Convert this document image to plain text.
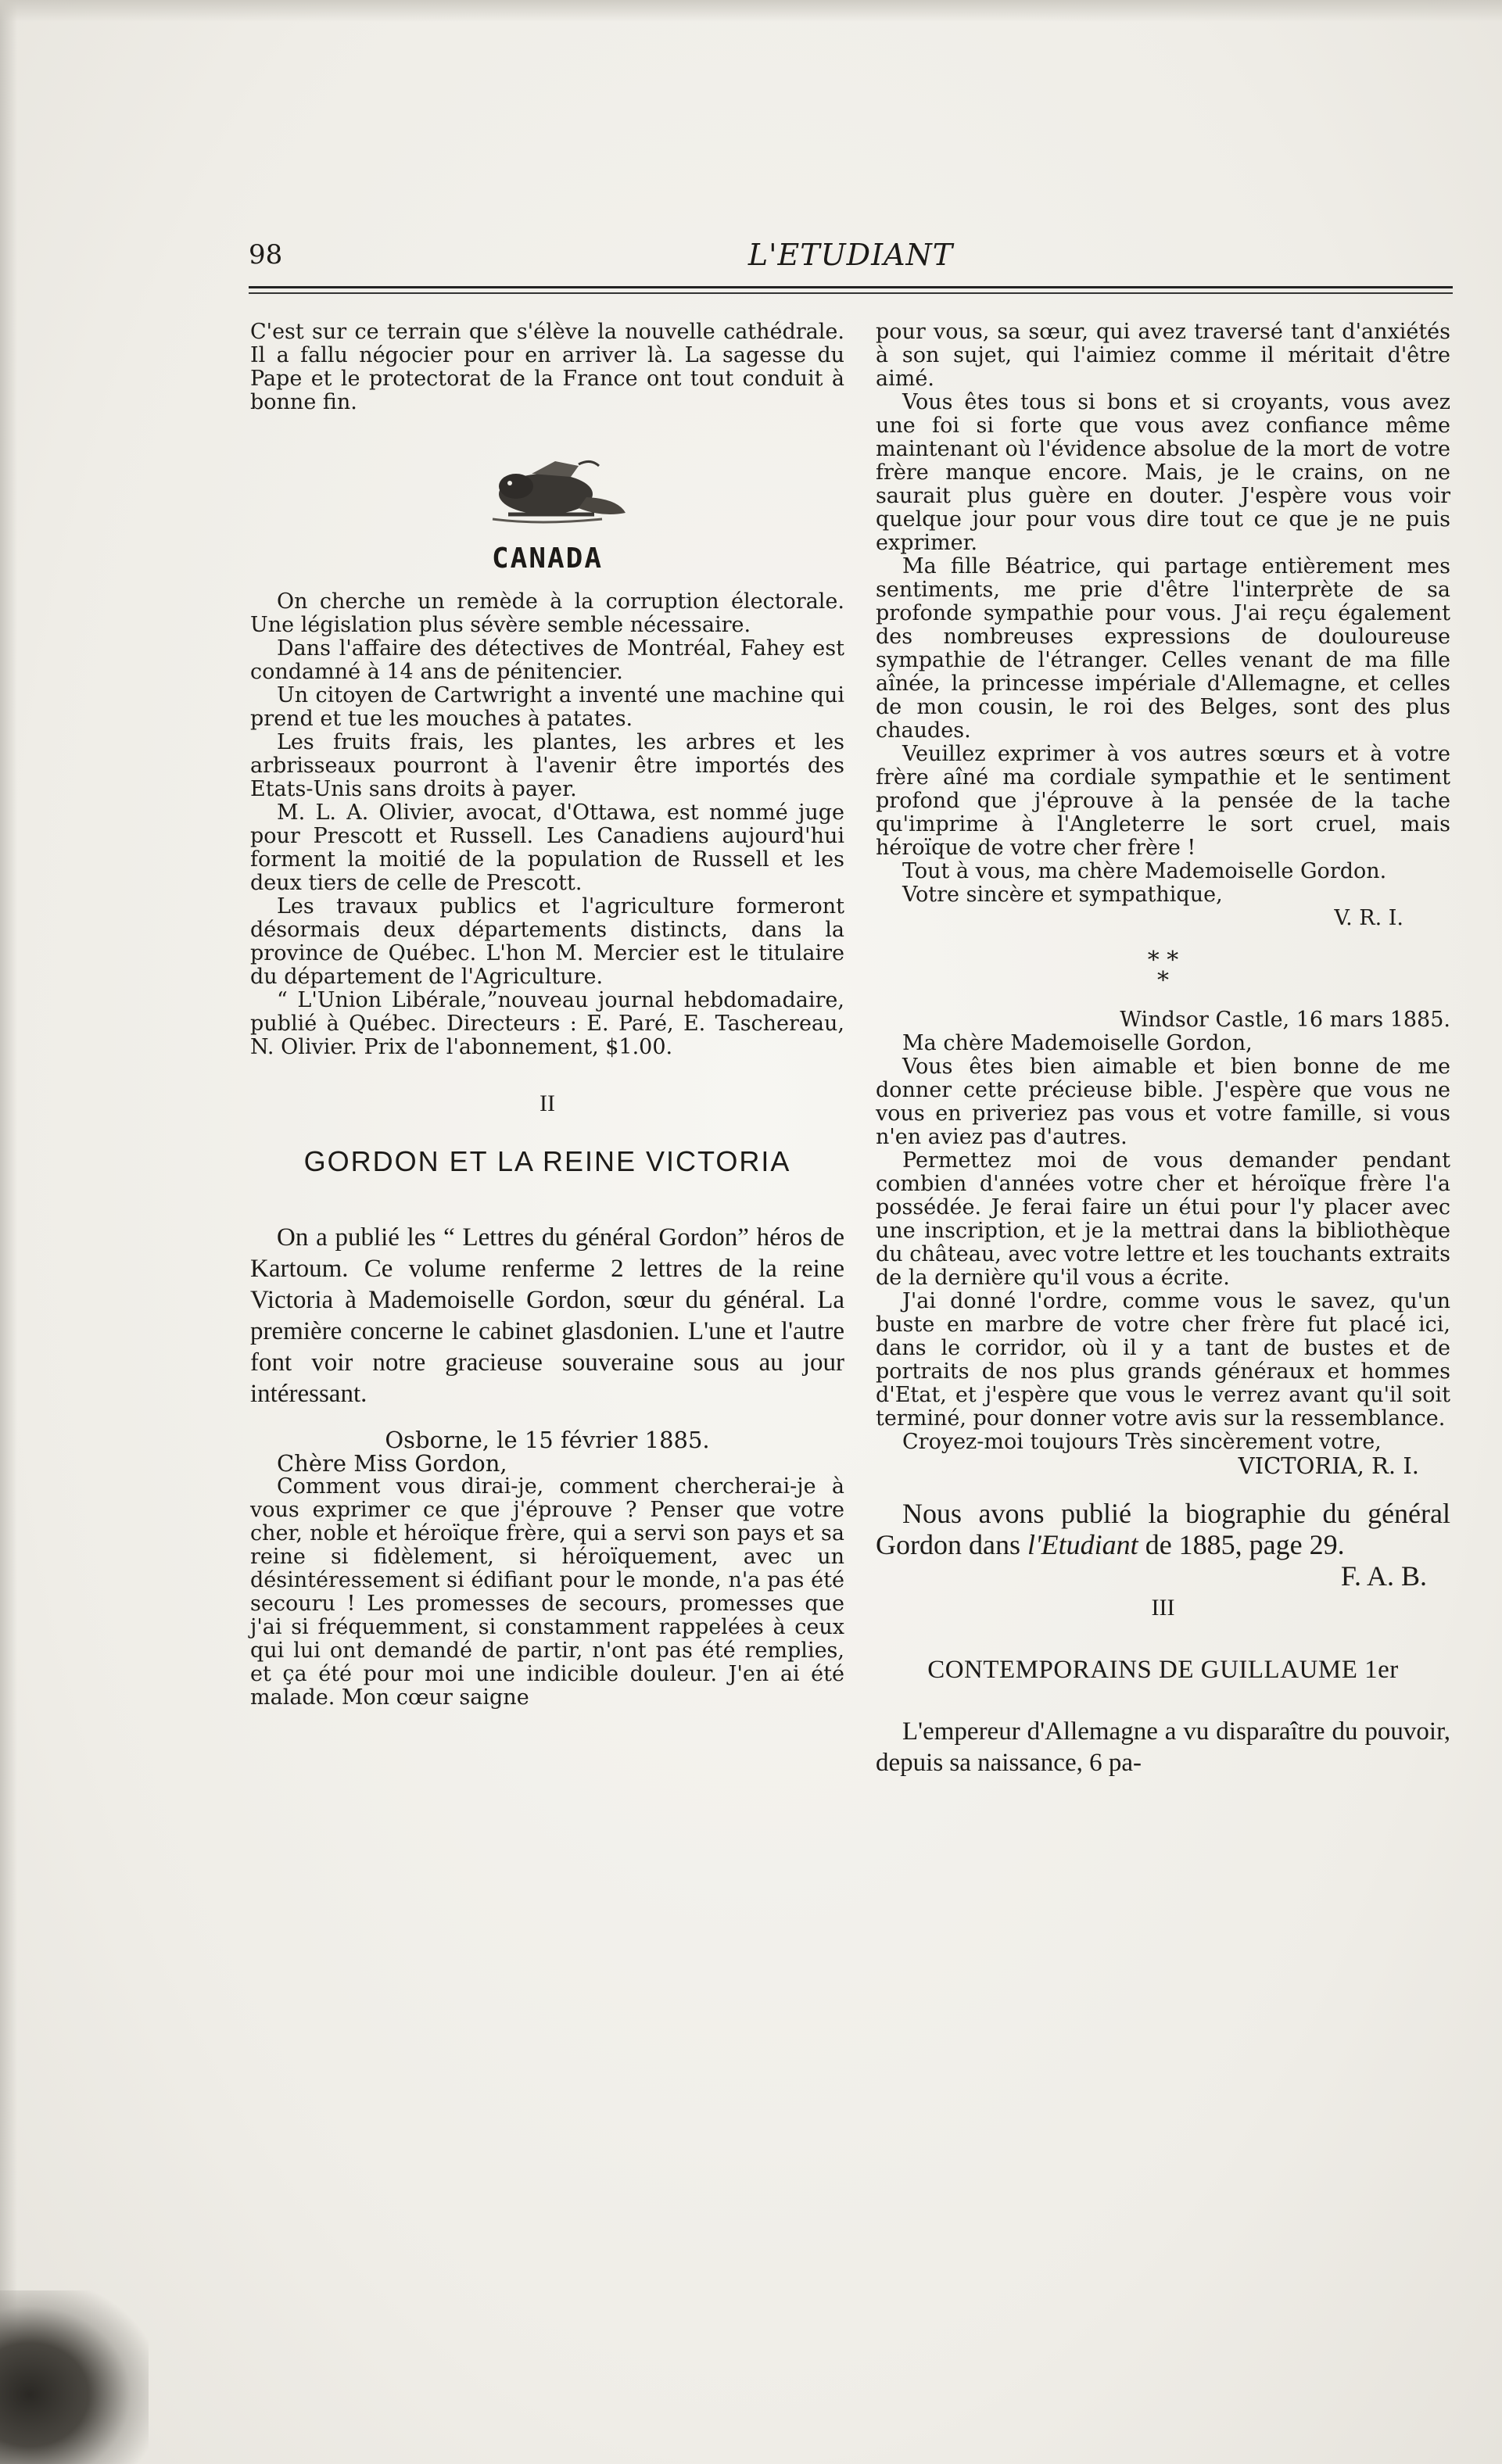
98	L'ETUDIANT

C'est sur ce terrain que s'élève la nouvelle cathédrale. Il a fallu négocier pour en arriver là. La sagesse du Pape et le protectorat de la France ont tout conduit à bonne fin.

CANADA

On cherche un remède à la corruption électorale. Une législation plus sévère semble nécessaire.

Dans l'affaire des détectives de Montréal, Fahey est condamné à 14 ans de pénitencier.

Un citoyen de Cartwright a inventé une machine qui prend et tue les mouches à patates.

Les fruits frais, les plantes, les arbres et les arbrisseaux pourront à l'avenir être importés des Etats-Unis sans droits à payer.

M. L. A. Olivier, avocat, d'Ottawa, est nommé juge pour Prescott et Russell. Les Canadiens aujourd'hui forment la moitié de la population de Russell et les deux tiers de celle de Prescott.

Les travaux publics et l'agriculture formeront désormais deux départements distincts, dans la province de Québec. L'hon M. Mercier est le titulaire du département de l'Agriculture.

“ L'Union Libérale,”nouveau journal hebdomadaire, publié à Québec. Directeurs : E. Paré, E. Taschereau, N. Olivier. Prix de l'abonnement, $1.00.

II
GORDON ET LA REINE VICTORIA

On a publié les “ Lettres du général Gordon” héros de Kartoum. Ce volume renferme 2 lettres de la reine Victoria à Mademoiselle Gordon, sœur du général. La première concerne le cabinet glasdonien. L'une et l'autre font voir notre gracieuse souveraine sous au jour intéressant.

Osborne, le 15 février 1885.

Chère Miss Gordon,

Comment vous dirai-je, comment chercherai-je à vous exprimer ce que j'éprouve ? Penser que votre cher, noble et héroïque frère, qui a servi son pays et sa reine si fidèlement, si héroïquement, avec un désintéressement si édifiant pour le monde, n'a pas été secouru ! Les promesses de secours, promesses que j'ai si fréquemment, si constamment rappelées à ceux qui lui ont demandé de partir, n'ont pas été remplies, et ça été pour moi une indicible douleur. J'en ai été malade. Mon cœur saigne

pour vous, sa sœur, qui avez traversé tant d'anxiétés à son sujet, qui l'aimiez comme il méritait d'être aimé.

Vous êtes tous si bons et si croyants, vous avez une foi si forte que vous avez confiance même maintenant où l'évidence absolue de la mort de votre frère manque encore. Mais, je le crains, on ne saurait plus guère en douter. J'espère vous voir quelque jour pour vous dire tout ce que je ne puis exprimer.

Ma fille Béatrice, qui partage entièrement mes sentiments, me prie d'être l'interprète de sa profonde sympathie pour vous. J'ai reçu également des nombreuses expressions de douloureuse sympathie de l'étranger. Celles venant de ma fille aînée, la princesse impériale d'Allemagne, et celles de mon cousin, le roi des Belges, sont des plus chaudes.

Veuillez exprimer à vos autres sœurs et à votre frère aîné ma cordiale sympathie et le sentiment profond que j'éprouve à la pensée de la tache qu'imprime à l'Angleterre le sort cruel, mais héroïque de votre cher frère !

Tout à vous, ma chère Mademoiselle Gordon.

Votre sincère et sympathique,

V. R. I.

* *
*

Windsor Castle, 16 mars 1885.

Ma chère Mademoiselle Gordon,

Vous êtes bien aimable et bien bonne de me donner cette précieuse bible. J'espère que vous ne vous en priveriez pas vous et votre famille, si vous n'en aviez pas d'autres.

Permettez moi de vous demander pendant combien d'années votre cher et héroïque frère l'a possédée. Je ferai faire un étui pour l'y placer avec une inscription, et je la mettrai dans la bibliothèque du château, avec votre lettre et les touchants extraits de la dernière qu'il vous a écrite.

J'ai donné l'ordre, comme vous le savez, qu'un buste en marbre de votre cher frère fut placé ici, dans le corridor, où il y a tant de bustes et de portraits de nos plus grands généraux et hommes d'Etat, et j'espère que vous le verrez avant qu'il soit terminé, pour donner votre avis sur la ressemblance.

Croyez-moi toujours Très sincèrement votre,

VICTORIA, R. I.

Nous avons publié la biographie du général Gordon dans l'Etudiant de 1885, page 29.
F. A. B.

III
CONTEMPORAINS DE GUILLAUME 1er

L'empereur d'Allemagne a vu disparaître du pouvoir, depuis sa naissance, 6 pa-
